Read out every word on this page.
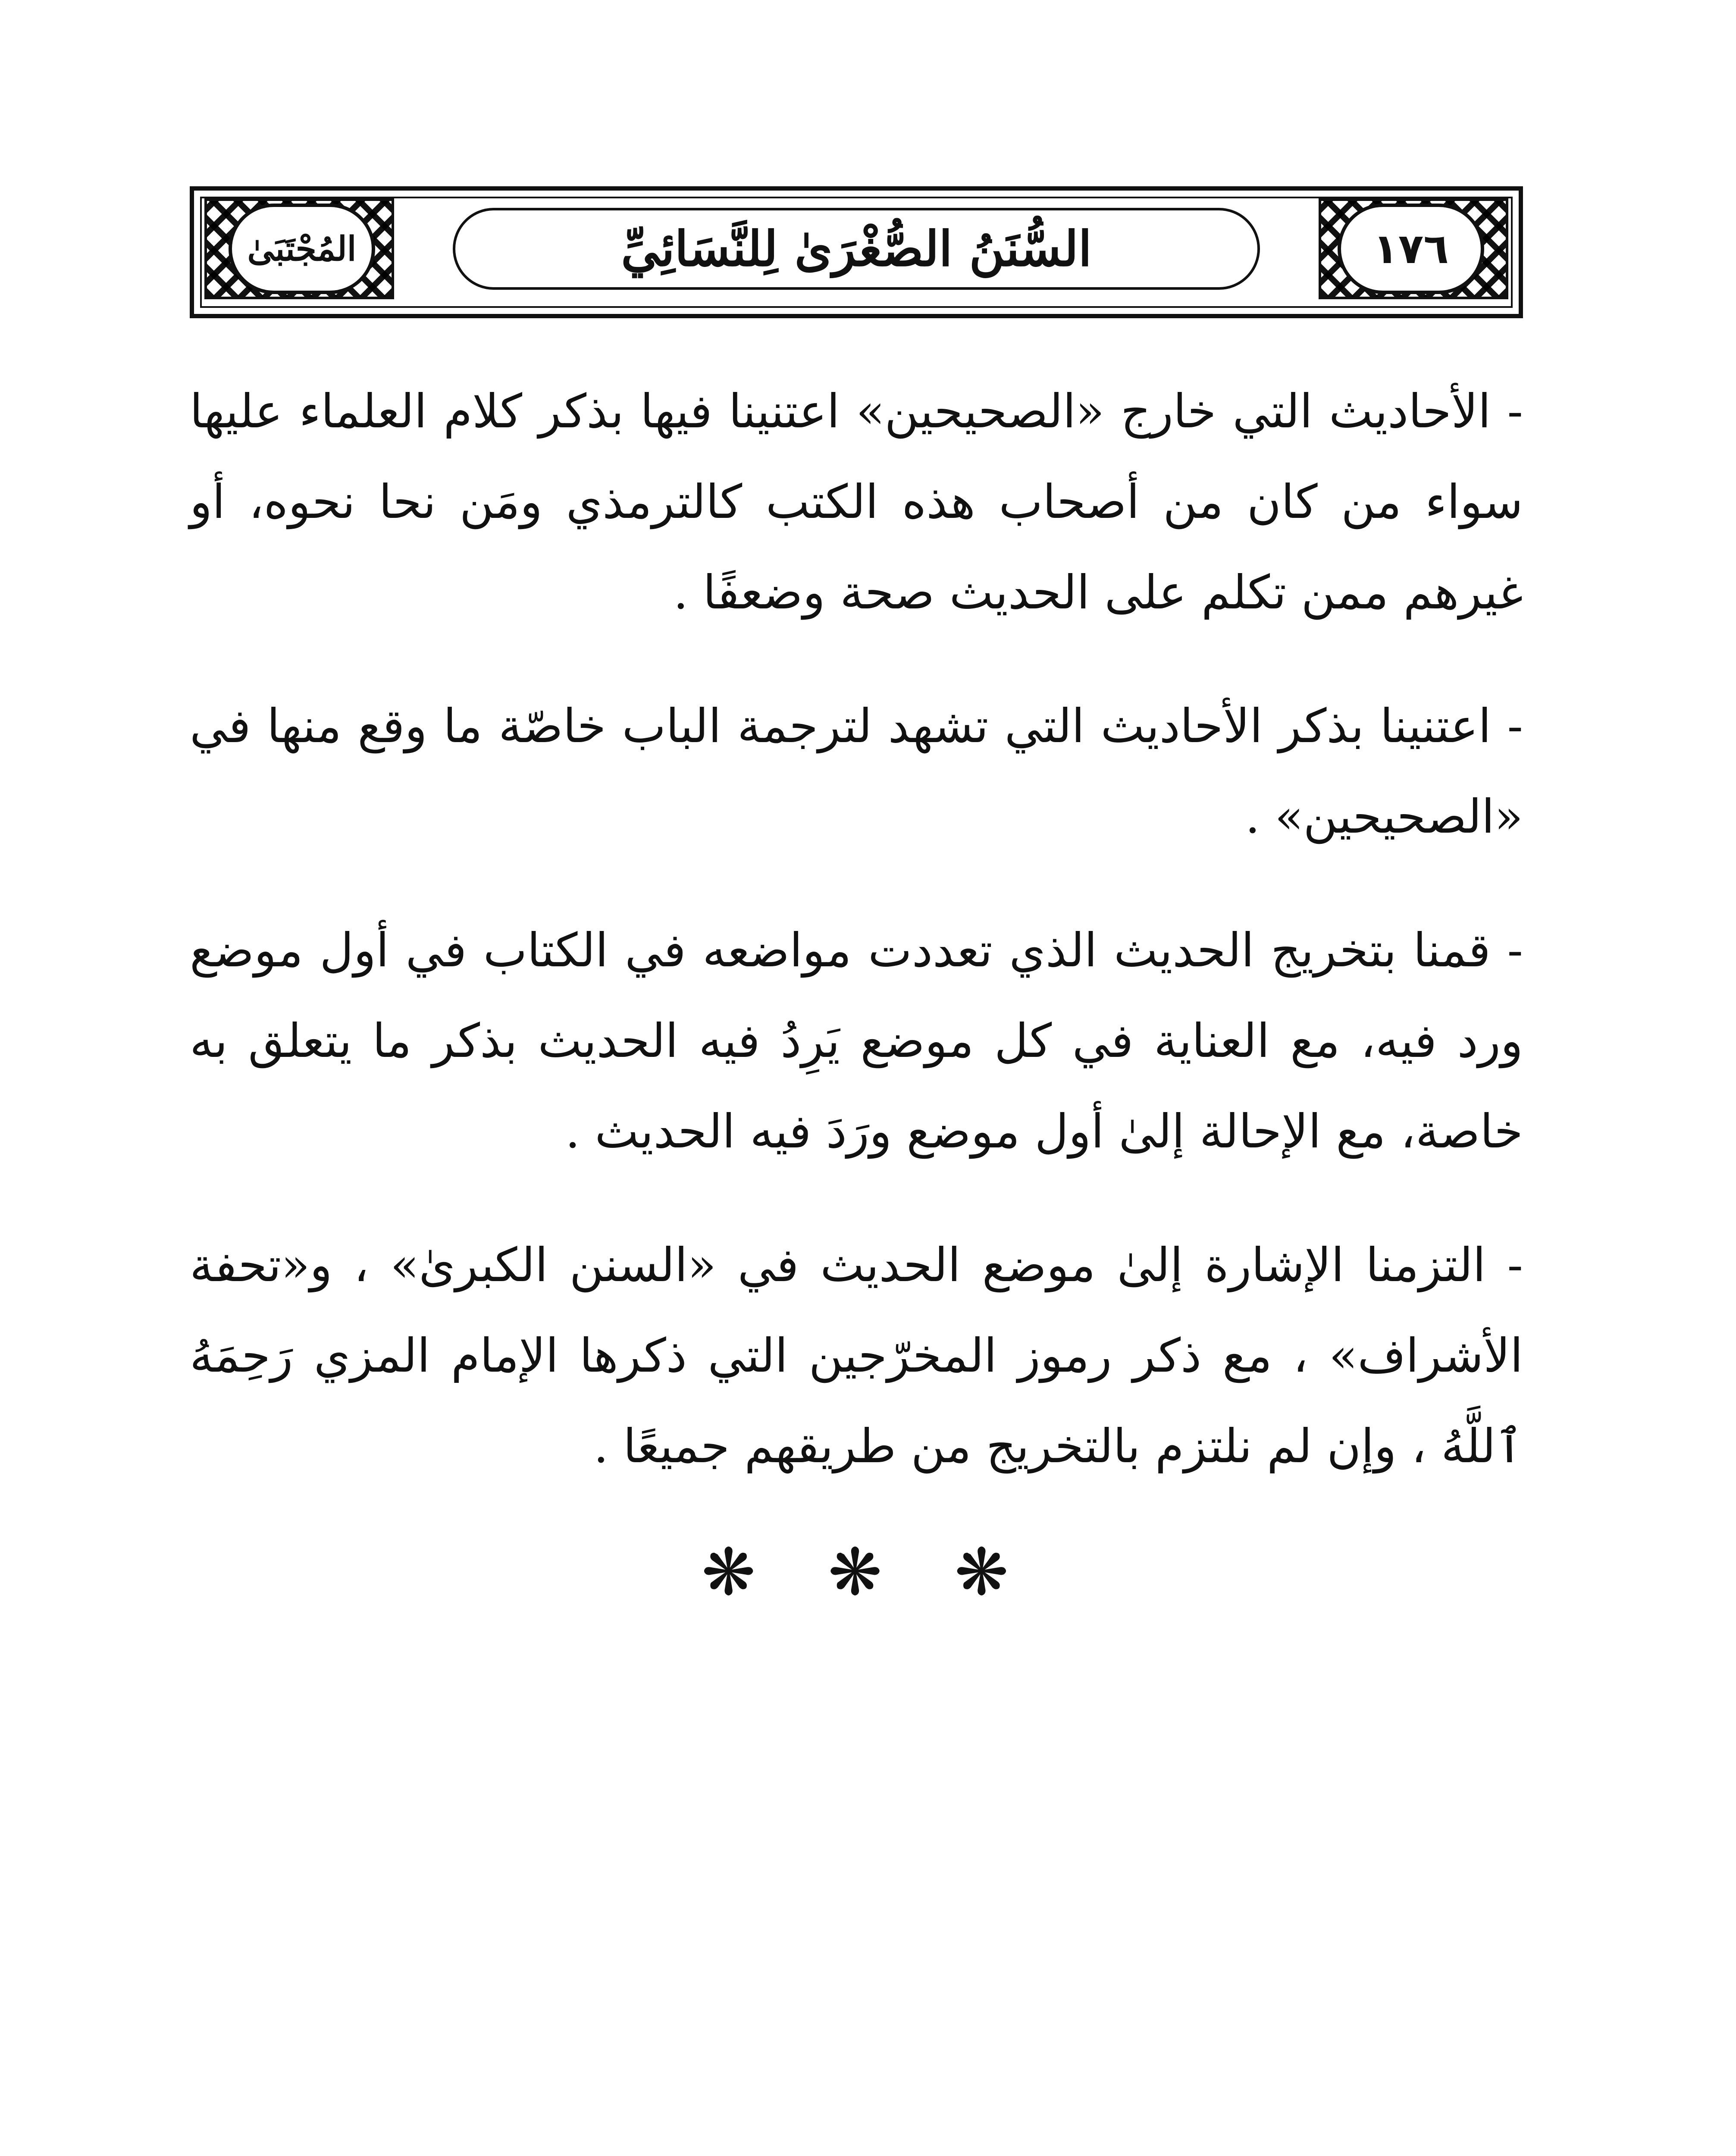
المُجْتَبَىٰ	السُّنَنُ الصُّغْرَىٰ لِلنَّسَائِيِّ	١٧٦

- الأحاديث التي خارج «الصحيحين» اعتنينا فيها بذكر كلام العلماء عليها سواء من كان من أصحاب هذه الكتب كالترمذي ومَن نحا نحوه، أو غيرهم ممن تكلم على الحديث صحة وضعفًا .

- اعتنينا بذكر الأحاديث التي تشهد لترجمة الباب خاصّة ما وقع منها في «الصحيحين» .

- قمنا بتخريج الحديث الذي تعددت مواضعه في الكتاب في أول موضع ورد فيه، مع العناية في كل موضع يَرِدُ فيه الحديث بذكر ما يتعلق به خاصة، مع الإحالة إلىٰ أول موضع ورَدَ فيه الحديث .

- التزمنا الإشارة إلىٰ موضع الحديث في «السنن الكبرىٰ» ، و«تحفة الأشراف» ، مع ذكر رموز المخرّجين التي ذكرها الإمام المزي رَحِمَهُ ٱللَّهُ ، وإن لم نلتزم بالتخريج من طريقهم جميعًا .

❋ ❋ ❋
